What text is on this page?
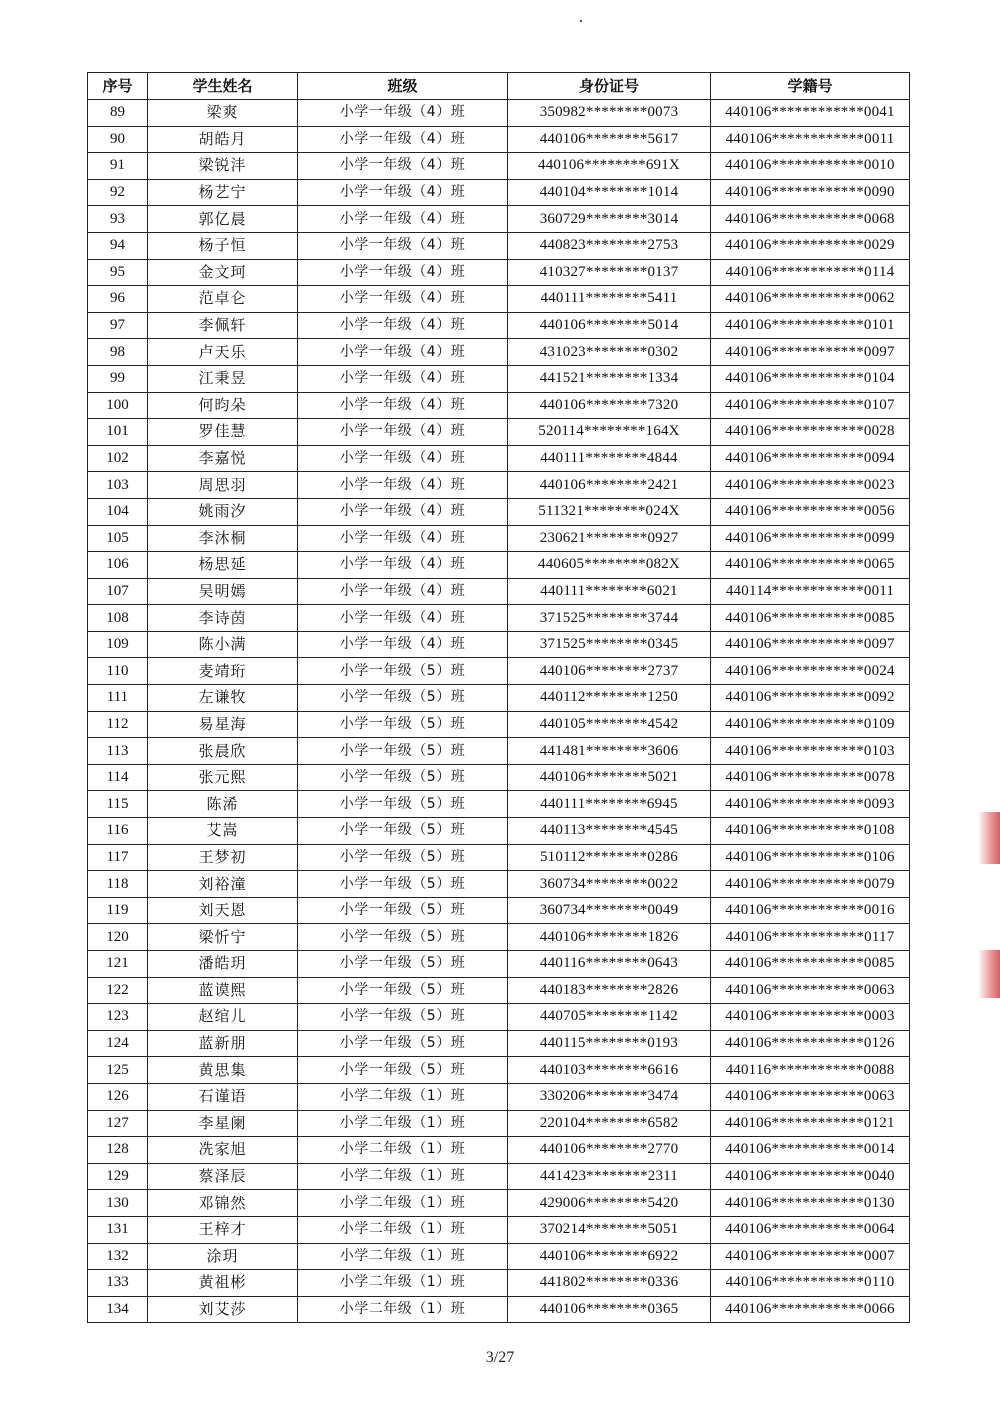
序号	学生姓名	班级	身份证号	学籍号
89	梁爽	小学一年级（4）班	350982********0073	440106************0041
90	胡皓月	小学一年级（4）班	440106********5617	440106************0011
91	梁锐沣	小学一年级（4）班	440106********691X	440106************0010
92	杨艺宁	小学一年级（4）班	440104********1014	440106************0090
93	郭亿晨	小学一年级（4）班	360729********3014	440106************0068
94	杨子恒	小学一年级（4）班	440823********2753	440106************0029
95	金文珂	小学一年级（4）班	410327********0137	440106************0114
96	范卓仑	小学一年级（4）班	440111********5411	440106************0062
97	李佩轩	小学一年级（4）班	440106********5014	440106************0101
98	卢天乐	小学一年级（4）班	431023********0302	440106************0097
99	江秉昱	小学一年级（4）班	441521********1334	440106************0104
100	何昀朵	小学一年级（4）班	440106********7320	440106************0107
101	罗佳慧	小学一年级（4）班	520114********164X	440106************0028
102	李嘉悦	小学一年级（4）班	440111********4844	440106************0094
103	周思羽	小学一年级（4）班	440106********2421	440106************0023
104	姚雨汐	小学一年级（4）班	511321********024X	440106************0056
105	李沐桐	小学一年级（4）班	230621********0927	440106************0099
106	杨思延	小学一年级（4）班	440605********082X	440106************0065
107	吴明嫣	小学一年级（4）班	440111********6021	440114************0011
108	李诗茵	小学一年级（4）班	371525********3744	440106************0085
109	陈小满	小学一年级（4）班	371525********0345	440106************0097
110	麦靖珩	小学一年级（5）班	440106********2737	440106************0024
111	左谦牧	小学一年级（5）班	440112********1250	440106************0092
112	易星海	小学一年级（5）班	440105********4542	440106************0109
113	张晨欣	小学一年级（5）班	441481********3606	440106************0103
114	张元熙	小学一年级（5）班	440106********5021	440106************0078
115	陈浠	小学一年级（5）班	440111********6945	440106************0093
116	艾嵩	小学一年级（5）班	440113********4545	440106************0108
117	王梦初	小学一年级（5）班	510112********0286	440106************0106
118	刘裕潼	小学一年级（5）班	360734********0022	440106************0079
119	刘天恩	小学一年级（5）班	360734********0049	440106************0016
120	梁忻宁	小学一年级（5）班	440106********1826	440106************0117
121	潘皓玥	小学一年级（5）班	440116********0643	440106************0085
122	蓝谟熙	小学一年级（5）班	440183********2826	440106************0063
123	赵绾儿	小学一年级（5）班	440705********1142	440106************0003
124	蓝新朋	小学一年级（5）班	440115********0193	440106************0126
125	黄思集	小学一年级（5）班	440103********6616	440116************0088
126	石谨语	小学二年级（1）班	330206********3474	440106************0063
127	李星阑	小学二年级（1）班	220104********6582	440106************0121
128	冼家旭	小学二年级（1）班	440106********2770	440106************0014
129	蔡泽辰	小学二年级（1）班	441423********2311	440106************0040
130	邓锦然	小学二年级（1）班	429006********5420	440106************0130
131	王梓才	小学二年级（1）班	370214********5051	440106************0064
132	涂玥	小学二年级（1）班	440106********6922	440106************0007
133	黄祖彬	小学二年级（1）班	441802********0336	440106************0110
134	刘艾莎	小学二年级（1）班	440106********0365	440106************0066
3/27
